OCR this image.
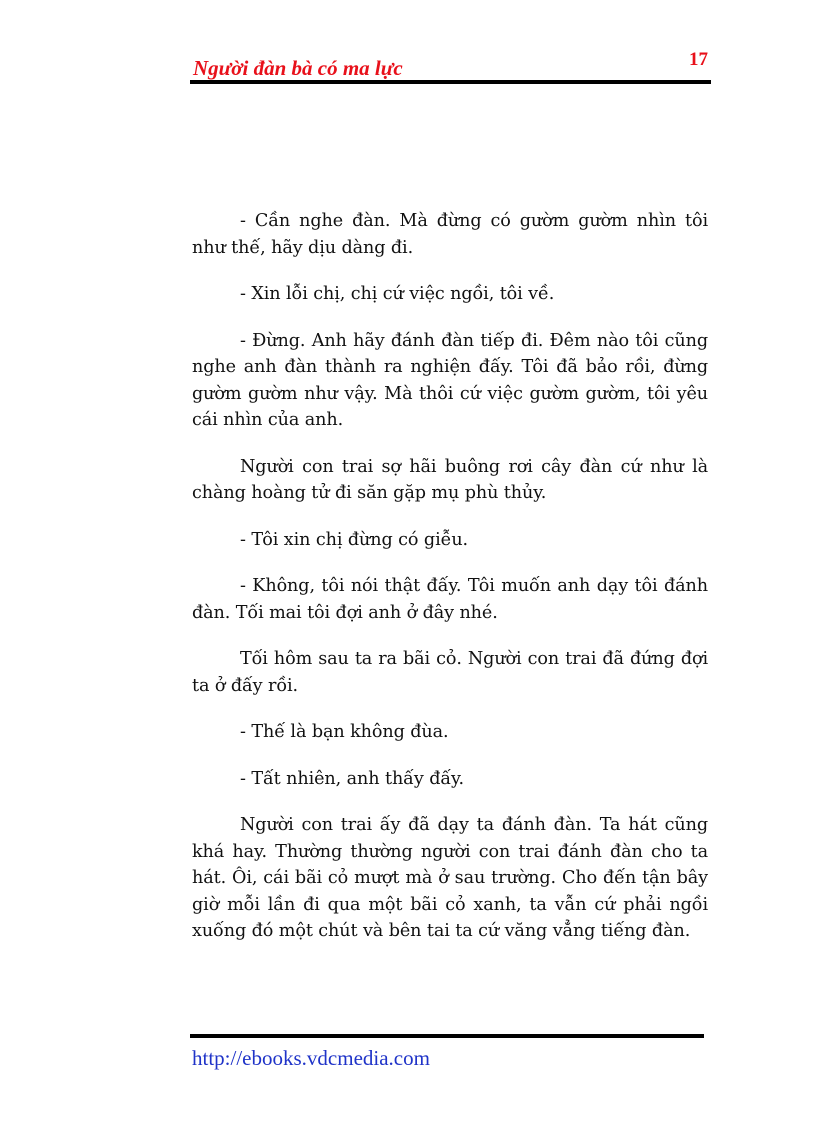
Người đàn bà có ma lực	17

- Cần nghe đàn. Mà đừng có gườm gườm nhìn tôi như thế, hãy dịu dàng đi.

- Xin lỗi chị, chị cứ việc ngồi, tôi về.

- Đừng. Anh hãy đánh đàn tiếp đi. Đêm nào tôi cũng nghe anh đàn thành ra nghiện đấy. Tôi đã bảo rồi, đừng gườm gườm như vậy. Mà thôi cứ việc gườm gườm, tôi yêu cái nhìn của anh.

Người con trai sợ hãi buông rơi cây đàn cứ như là chàng hoàng tử đi săn gặp mụ phù thủy.

- Tôi xin chị đừng có giễu.

- Không, tôi nói thật đấy. Tôi muốn anh dạy tôi đánh đàn. Tối mai tôi đợi anh ở đây nhé.

Tối hôm sau ta ra bãi cỏ. Người con trai đã đứng đợi ta ở đấy rồi.

- Thế là bạn không đùa.

- Tất nhiên, anh thấy đấy.

Người con trai ấy đã dạy ta đánh đàn. Ta hát cũng khá hay. Thường thường người con trai đánh đàn cho ta hát. Ôi, cái bãi cỏ mượt mà ở sau trường. Cho đến tận bây giờ mỗi lần đi qua một bãi cỏ xanh, ta vẫn cứ phải ngồi xuống đó một chút và bên tai ta cứ văng vẳng tiếng đàn.

http://ebooks.vdcmedia.com
